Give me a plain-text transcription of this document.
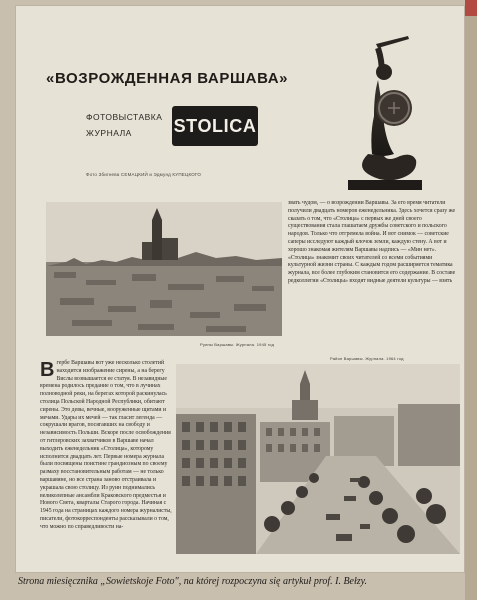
«ВОЗРОЖДЕННАЯ ВАРШАВА»
ФОТОВЫСТАВКА
ЖУРНАЛА STOLICA
Фото Збигнева СЕМАЦКИЙ и Эдмунд КУПЕЦКОГО
звать чудом, — о возрождении Варшавы. За его время читатели получили двадцать номеров еженедельника. Здесь хочется сразу же сказать о том, что «Столица» с первых же дней своего существования стала глашатаем дружбы советского и польского народов. Только что отгремела война. И вот снимок — советские саперы исследуют каждый клочок земли, каждую стену. А вот и хорошо знакомая жителям Варшавы надпись — «Мин нет». «Столица» знакомит своих читателей со всеми событиями культурной жизни страны. С каждым годом расширяется тематика журнала, все более глубоким становится его содержание. В составе редколлегии «Столицы» входят видные деятели культуры — взять
Вгербе Варшавы вот уже несколько столетий находится изображение сирены, а на берегу Вислы возвышается ее статуя. В незавидные времена родилось предание о том, что в лучинах полноводной реки, на берегах которой раскинулась столица Польской Народной Республики, обитают сирены. Это девы, вечные, вооруженные щитами и мечами. Удары их мечей — так гласит легенда — сокрушали врагов, посягавших на свободу и независимость Польши. Вскоре после освобождения от гитлеровских захватчиков в Варшаве начал выходить еженедельник «Столица», которому исполнится двадцать лет. Первые номера журнала были посвящены поистине грандиозным по своему размаху восстановительным работам — не только варшавяне, но все страна заново отстраивала и украшала свою столицу. Из руин поднимались великолепные ансамбли Краковского предместья и Нового Света, кварталы Старого города. Начиная с 1945 года на страницах каждого номера журналисты, писатели, фотокорреспонденты рассказывали о том, что можно по справедливости на-
Руины Варшавы. Журнала. 1945 год
Район Варшавы. Журнала. 1964 год
Strona miesięcznika „Sowietskoje Foto", na której rozpoczyna się artykuł prof. I. Bełzy.
